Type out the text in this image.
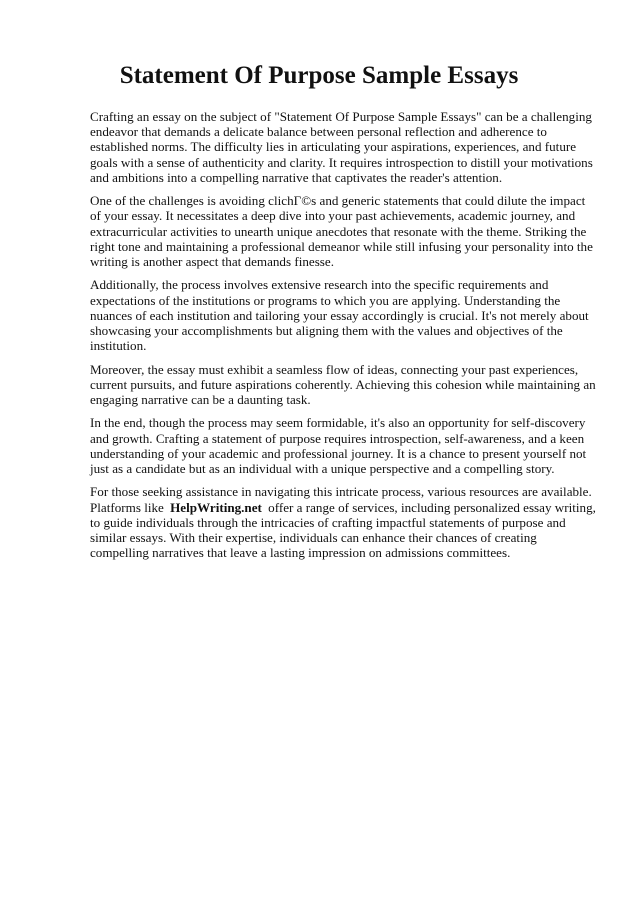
Statement Of Purpose Sample Essays

Crafting an essay on the subject of "Statement Of Purpose Sample Essays" can be a challenging endeavor that demands a delicate balance between personal reflection and adherence to established norms. The difficulty lies in articulating your aspirations, experiences, and future goals with a sense of authenticity and clarity. It requires introspection to distill your motivations and ambitions into a compelling narrative that captivates the reader's attention.

One of the challenges is avoiding clichΓ©s and generic statements that could dilute the impact of your essay. It necessitates a deep dive into your past achievements, academic journey, and extracurricular activities to unearth unique anecdotes that resonate with the theme. Striking the right tone and maintaining a professional demeanor while still infusing your personality into the writing is another aspect that demands finesse.

Additionally, the process involves extensive research into the specific requirements and expectations of the institutions or programs to which you are applying. Understanding the nuances of each institution and tailoring your essay accordingly is crucial. It's not merely about showcasing your accomplishments but aligning them with the values and objectives of the institution.

Moreover, the essay must exhibit a seamless flow of ideas, connecting your past experiences, current pursuits, and future aspirations coherently. Achieving this cohesion while maintaining an engaging narrative can be a daunting task.

In the end, though the process may seem formidable, it's also an opportunity for self-discovery and growth. Crafting a statement of purpose requires introspection, self-awareness, and a keen understanding of your academic and professional journey. It is a chance to present yourself not just as a candidate but as an individual with a unique perspective and a compelling story.

For those seeking assistance in navigating this intricate process, various resources are available. Platforms like HelpWriting.net offer a range of services, including personalized essay writing, to guide individuals through the intricacies of crafting impactful statements of purpose and similar essays. With their expertise, individuals can enhance their chances of creating compelling narratives that leave a lasting impression on admissions committees.
